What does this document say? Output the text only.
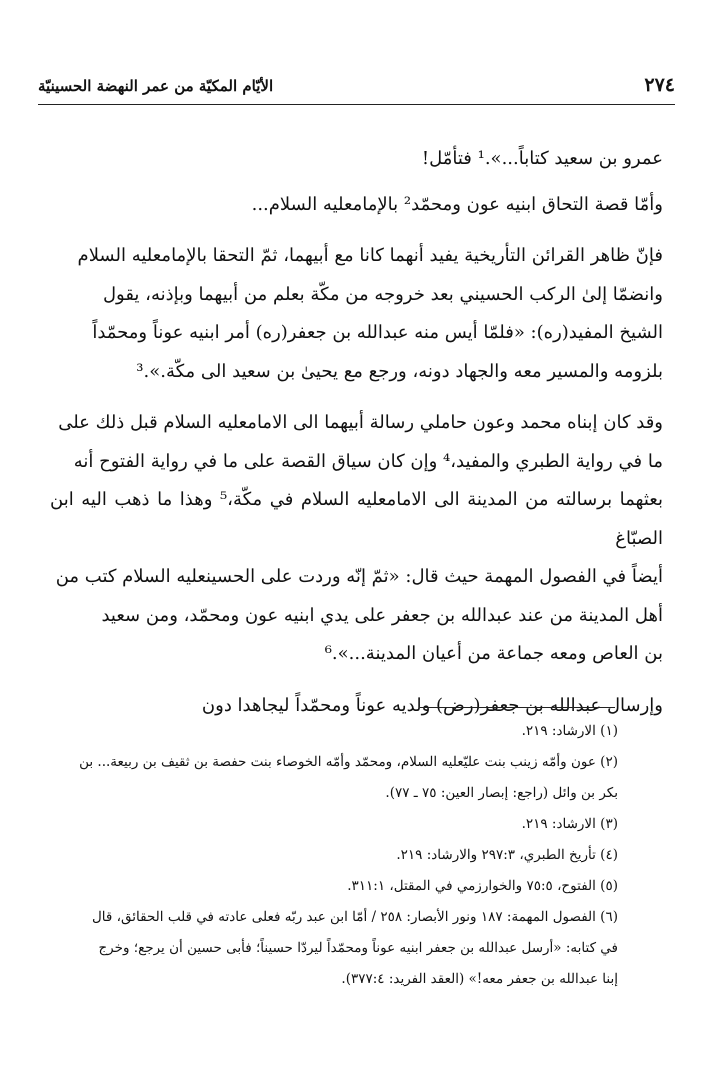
٢٧٤
الأيّام المكيّة من عمر النهضة الحسينيّة

عمرو بن سعيد كتاباً...».¹ فتأمّل!

وأمّا قصة التحاق ابنيه عون ومحمّد² بالإمامعليه السلام...

فإنّ ظاهر القرائن التأريخية يفيد أنهما كانا مع أبيهما، ثمّ التحقا بالإمامعليه السلام

وانضمّا إلىٰ الركب الحسيني بعد خروجه من مكّة بعلم من أبيهما وبإذنه، يقول

الشيخ المفيد(ره): «فلمّا أيس منه عبدالله بن جعفر(ره) أمر ابنيه عوناً ومحمّداً

بلزومه والمسير معه والجهاد دونه، ورجع مع يحيىٰ بن سعيد الى مكّة.».³

وقد كان إبناه محمد وعون حاملي رسالة أبيهما الى الامامعليه السلام قبل ذلك على

ما في رواية الطبري والمفيد،⁴ وإن كان سياق القصة على ما في رواية الفتوح أنه

بعثهما برسالته من المدينة الى الامامعليه السلام في مكّة،⁵ وهذا ما ذهب اليه ابن الصبّاغ

أيضاً في الفصول المهمة حيث قال: «ثمّ إنّه وردت على الحسينعليه السلام كتب من

أهل المدينة من عند عبدالله بن جعفر على يدي ابنيه عون ومحمّد، ومن سعيد

بن العاص ومعه جماعة من أعيان المدينة...».⁶

وإرسال عبدالله بن جعفر(رض) ولديه عوناً ومحمّداً ليجاهدا دون

(١) الارشاد: ٢١٩.

(٢) عون وأمّه زينب بنت عليّعليه السلام، ومحمّد وأمّه الخوصاء بنت حفصة بن ثقيف بن ربيعة... بن

بكر بن وائل (راجع: إبصار العين: ٧٥ ـ ٧٧).

(٣) الارشاد: ٢١٩.

(٤) تأريخ الطبري، ٢٩٧:٣ والارشاد: ٢١٩.

(٥) الفتوح، ٧٥:٥ والخوارزمي في المقتل، ٣١١:١.

(٦) الفصول المهمة: ١٨٧ ونور الأبصار: ٢٥٨ / أمّا ابن عبد ربّه فعلى عادته في قلب الحقائق، قال

في كتابه: «أرسل عبدالله بن جعفر ابنيه عوناً ومحمّداً ليردّا حسيناً؛ فأبى حسين أن يرجع؛ وخرج

إبنا عبدالله بن جعفر معه!» (العقد الفريد: ٣٧٧:٤).
